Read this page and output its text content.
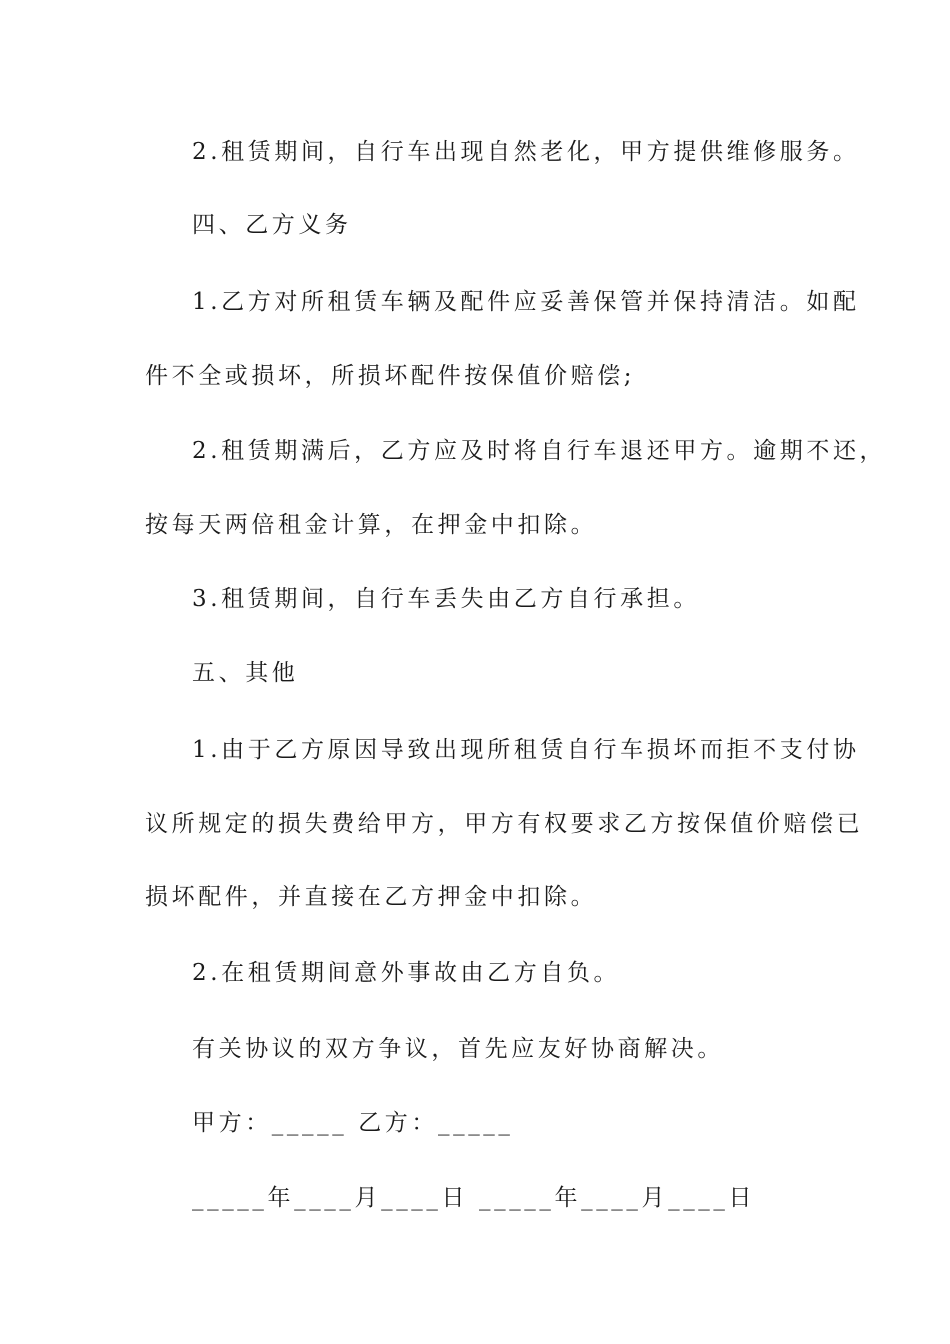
2.租赁期间，自行车出现自然老化，甲方提供维修服务。
四、乙方义务
1.乙方对所租赁车辆及配件应妥善保管并保持清洁。如配
件不全或损坏，所损坏配件按保值价赔偿;
2.租赁期满后，乙方应及时将自行车退还甲方。逾期不还，
按每天两倍租金计算，在押金中扣除。
3.租赁期间，自行车丢失由乙方自行承担。
五、其他
1.由于乙方原因导致出现所租赁自行车损坏而拒不支付协
议所规定的损失费给甲方，甲方有权要求乙方按保值价赔偿已
损坏配件，并直接在乙方押金中扣除。
2.在租赁期间意外事故由乙方自负。
有关协议的双方争议，首先应友好协商解决。
甲方：_____ 乙方：_____
_____年____月____日 _____年____月____日
